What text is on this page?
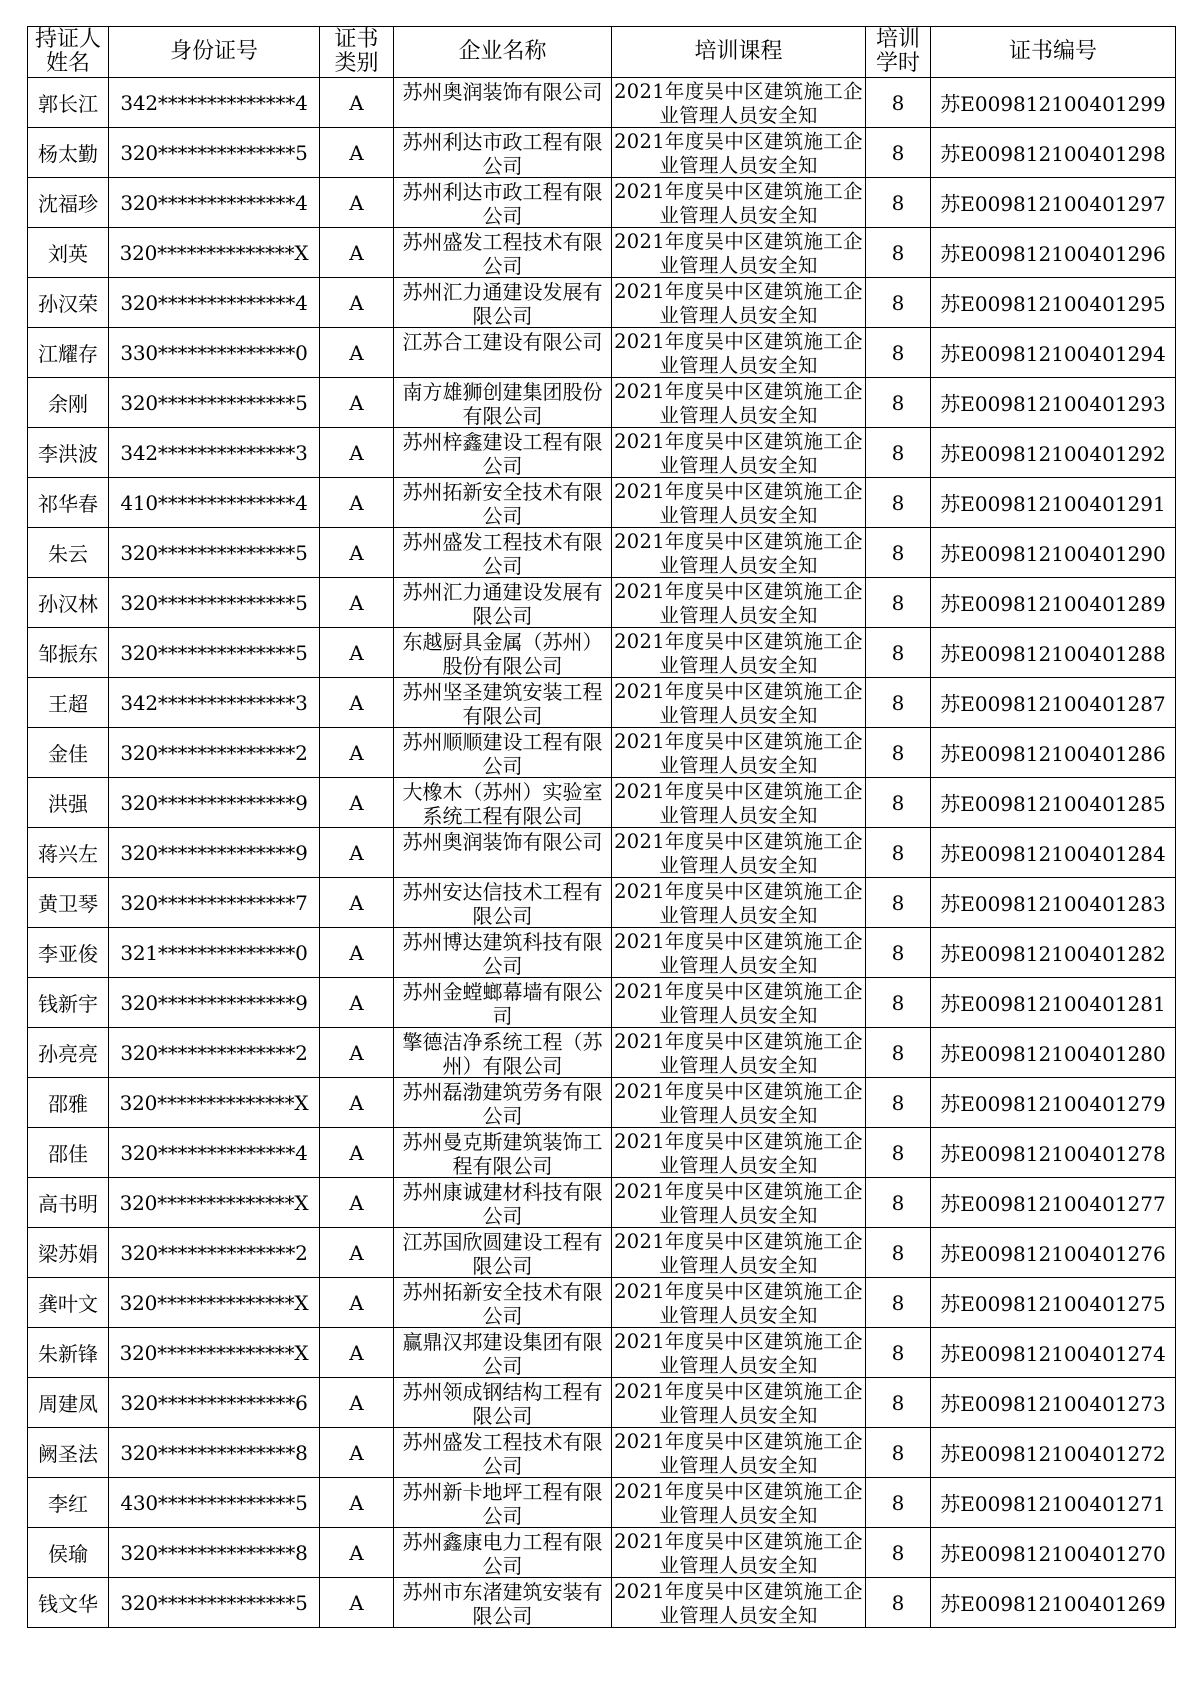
持证人姓名	身份证号	证书类别	企业名称	培训课程	培训学时	证书编号
郭长江	342**************4	A	苏州奥润装饰有限公司	2021年度吴中区建筑施工企业管理人员安全知	8	苏E009812100401299
杨太勤	320**************5	A	苏州利达市政工程有限公司	2021年度吴中区建筑施工企业管理人员安全知	8	苏E009812100401298
沈福珍	320**************4	A	苏州利达市政工程有限公司	2021年度吴中区建筑施工企业管理人员安全知	8	苏E009812100401297
刘英	320**************X	A	苏州盛发工程技术有限公司	2021年度吴中区建筑施工企业管理人员安全知	8	苏E009812100401296
孙汉荣	320**************4	A	苏州汇力通建设发展有限公司	2021年度吴中区建筑施工企业管理人员安全知	8	苏E009812100401295
江耀存	330**************0	A	江苏合工建设有限公司	2021年度吴中区建筑施工企业管理人员安全知	8	苏E009812100401294
余刚	320**************5	A	南方雄狮创建集团股份有限公司	2021年度吴中区建筑施工企业管理人员安全知	8	苏E009812100401293
李洪波	342**************3	A	苏州梓鑫建设工程有限公司	2021年度吴中区建筑施工企业管理人员安全知	8	苏E009812100401292
祁华春	410**************4	A	苏州拓新安全技术有限公司	2021年度吴中区建筑施工企业管理人员安全知	8	苏E009812100401291
朱云	320**************5	A	苏州盛发工程技术有限公司	2021年度吴中区建筑施工企业管理人员安全知	8	苏E009812100401290
孙汉林	320**************5	A	苏州汇力通建设发展有限公司	2021年度吴中区建筑施工企业管理人员安全知	8	苏E009812100401289
邹振东	320**************5	A	东越厨具金属（苏州）股份有限公司	2021年度吴中区建筑施工企业管理人员安全知	8	苏E009812100401288
王超	342**************3	A	苏州坚圣建筑安装工程有限公司	2021年度吴中区建筑施工企业管理人员安全知	8	苏E009812100401287
金佳	320**************2	A	苏州顺顺建设工程有限公司	2021年度吴中区建筑施工企业管理人员安全知	8	苏E009812100401286
洪强	320**************9	A	大橡木（苏州）实验室系统工程有限公司	2021年度吴中区建筑施工企业管理人员安全知	8	苏E009812100401285
蒋兴左	320**************9	A	苏州奥润装饰有限公司	2021年度吴中区建筑施工企业管理人员安全知	8	苏E009812100401284
黄卫琴	320**************7	A	苏州安达信技术工程有限公司	2021年度吴中区建筑施工企业管理人员安全知	8	苏E009812100401283
李亚俊	321**************0	A	苏州博达建筑科技有限公司	2021年度吴中区建筑施工企业管理人员安全知	8	苏E009812100401282
钱新宇	320**************9	A	苏州金螳螂幕墙有限公司	2021年度吴中区建筑施工企业管理人员安全知	8	苏E009812100401281
孙亮亮	320**************2	A	擎德洁净系统工程（苏州）有限公司	2021年度吴中区建筑施工企业管理人员安全知	8	苏E009812100401280
邵雅	320**************X	A	苏州磊渤建筑劳务有限公司	2021年度吴中区建筑施工企业管理人员安全知	8	苏E009812100401279
邵佳	320**************4	A	苏州曼克斯建筑装饰工程有限公司	2021年度吴中区建筑施工企业管理人员安全知	8	苏E009812100401278
高书明	320**************X	A	苏州康诚建材科技有限公司	2021年度吴中区建筑施工企业管理人员安全知	8	苏E009812100401277
梁苏娟	320**************2	A	江苏国欣圆建设工程有限公司	2021年度吴中区建筑施工企业管理人员安全知	8	苏E009812100401276
龚叶文	320**************X	A	苏州拓新安全技术有限公司	2021年度吴中区建筑施工企业管理人员安全知	8	苏E009812100401275
朱新锋	320**************X	A	赢鼎汉邦建设集团有限公司	2021年度吴中区建筑施工企业管理人员安全知	8	苏E009812100401274
周建凤	320**************6	A	苏州领成钢结构工程有限公司	2021年度吴中区建筑施工企业管理人员安全知	8	苏E009812100401273
阙圣法	320**************8	A	苏州盛发工程技术有限公司	2021年度吴中区建筑施工企业管理人员安全知	8	苏E009812100401272
李红	430**************5	A	苏州新卡地坪工程有限公司	2021年度吴中区建筑施工企业管理人员安全知	8	苏E009812100401271
侯瑜	320**************8	A	苏州鑫康电力工程有限公司	2021年度吴中区建筑施工企业管理人员安全知	8	苏E009812100401270
钱文华	320**************5	A	苏州市东渚建筑安装有限公司	2021年度吴中区建筑施工企业管理人员安全知	8	苏E009812100401269
